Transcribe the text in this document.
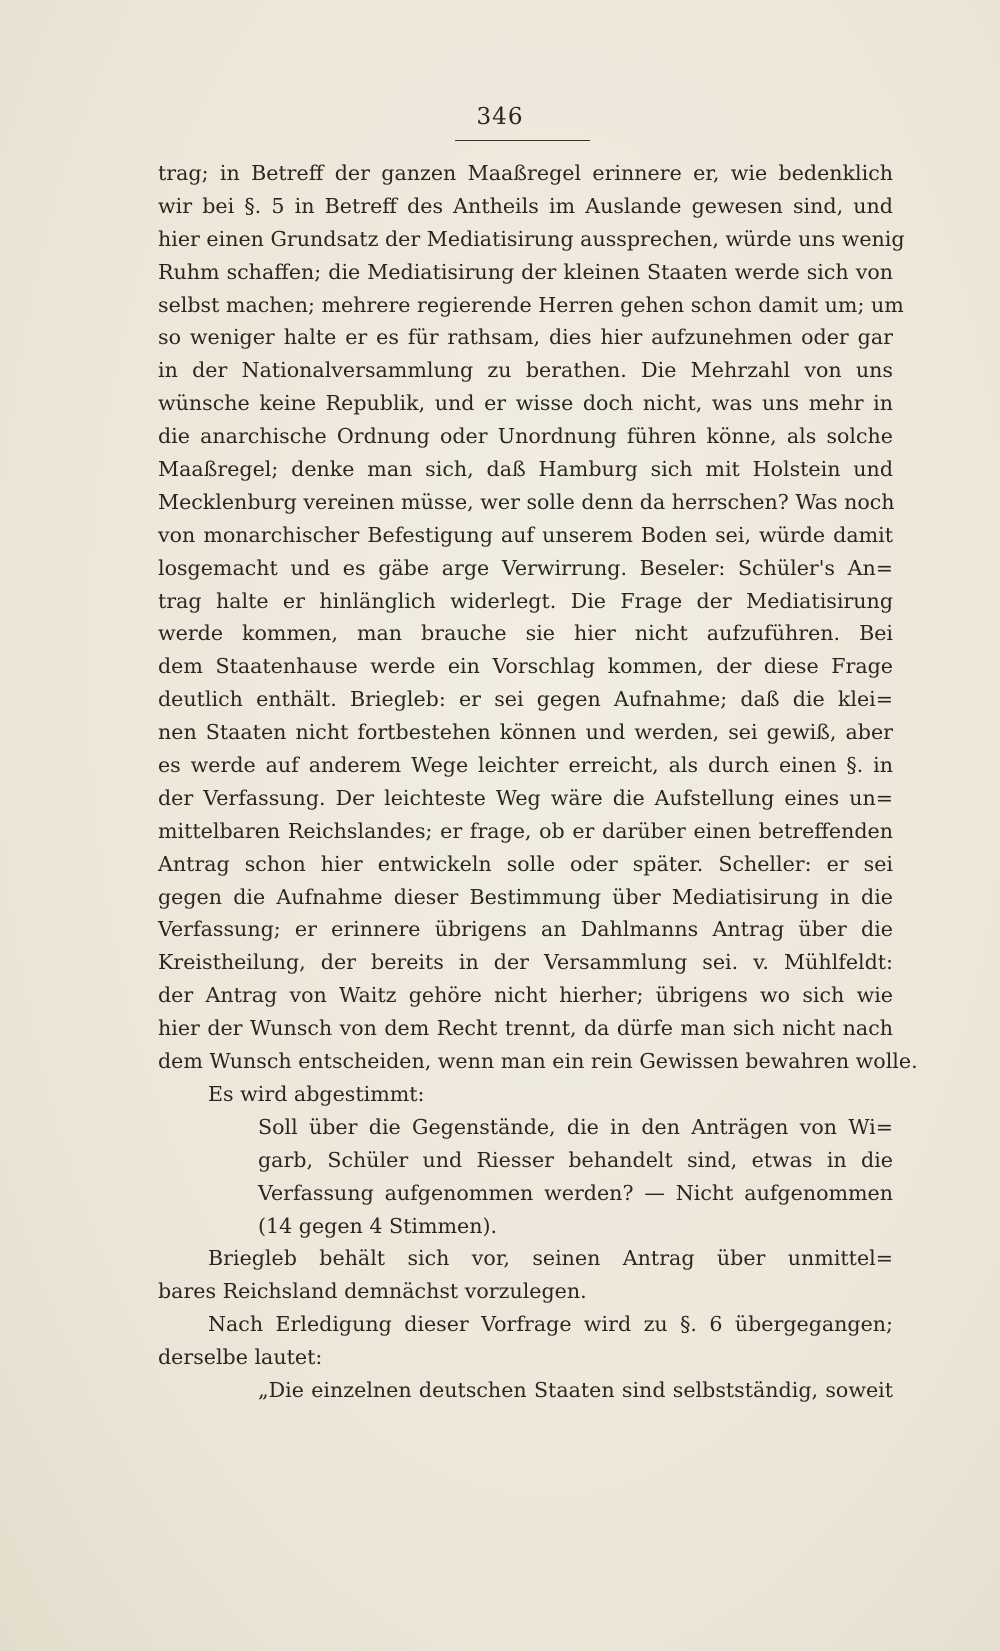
346
trag; in Betreff der ganzen Maaßregel erinnere er, wie bedenklich
wir bei §. 5 in Betreff des Antheils im Auslande gewesen sind, und
hier einen Grundsatz der Mediatisirung aussprechen, würde uns wenig
Ruhm schaffen; die Mediatisirung der kleinen Staaten werde sich von
selbst machen; mehrere regierende Herren gehen schon damit um; um
so weniger halte er es für rathsam, dies hier aufzunehmen oder gar
in der Nationalversammlung zu berathen. Die Mehrzahl von uns
wünsche keine Republik, und er wisse doch nicht, was uns mehr in
die anarchische Ordnung oder Unordnung führen könne, als solche
Maaßregel; denke man sich, daß Hamburg sich mit Holstein und
Mecklenburg vereinen müsse, wer solle denn da herrschen? Was noch
von monarchischer Befestigung auf unserem Boden sei, würde damit
losgemacht und es gäbe arge Verwirrung. Beseler: Schüler's An=
trag halte er hinlänglich widerlegt. Die Frage der Mediatisirung
werde kommen, man brauche sie hier nicht aufzuführen. Bei
dem Staatenhause werde ein Vorschlag kommen, der diese Frage
deutlich enthält. Briegleb: er sei gegen Aufnahme; daß die klei=
nen Staaten nicht fortbestehen können und werden, sei gewiß, aber
es werde auf anderem Wege leichter erreicht, als durch einen §. in
der Verfassung. Der leichteste Weg wäre die Aufstellung eines un=
mittelbaren Reichslandes; er frage, ob er darüber einen betreffenden
Antrag schon hier entwickeln solle oder später. Scheller: er sei
gegen die Aufnahme dieser Bestimmung über Mediatisirung in die
Verfassung; er erinnere übrigens an Dahlmanns Antrag über die
Kreistheilung, der bereits in der Versammlung sei. v. Mühlfeldt:
der Antrag von Waitz gehöre nicht hierher; übrigens wo sich wie
hier der Wunsch von dem Recht trennt, da dürfe man sich nicht nach
dem Wunsch entscheiden, wenn man ein rein Gewissen bewahren wolle.
Es wird abgestimmt:
Soll über die Gegenstände, die in den Anträgen von Wi=
garb, Schüler und Riesser behandelt sind, etwas in die
Verfassung aufgenommen werden? — Nicht aufgenommen
(14 gegen 4 Stimmen).
Briegleb behält sich vor, seinen Antrag über unmittel=
bares Reichsland demnächst vorzulegen.
Nach Erledigung dieser Vorfrage wird zu §. 6 übergegangen;
derselbe lautet:
„Die einzelnen deutschen Staaten sind selbstständig, soweit
